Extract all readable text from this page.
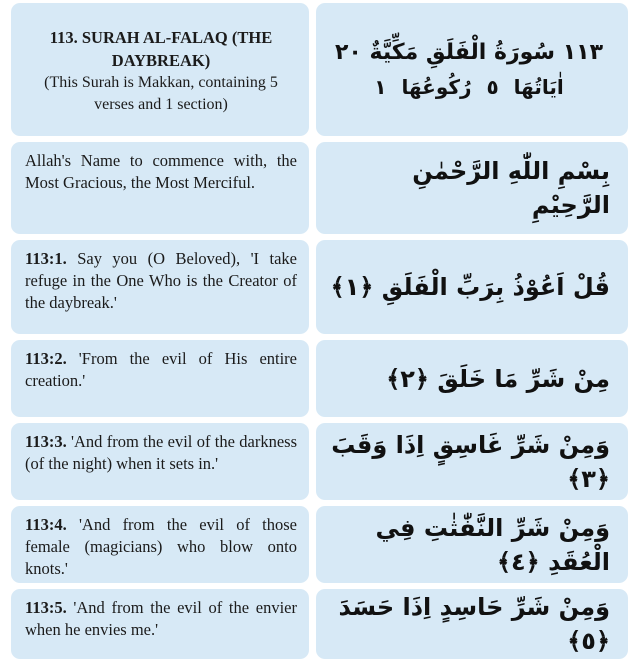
113. SURAH AL-FALAQ (THE DAYBREAK)
(This Surah is Makkan, containing 5 verses and 1 section)
١١٣ سُورَةُ الْفَلَقِ مَكِّيَّةٌ ٢٠
اٰيَاتُهَا ٥ رُكُوعُهَا ١
Allah's Name to commence with, the Most Gracious, the Most Merciful.	بِسْمِ اللّٰهِ الرَّحْمٰنِ الرَّحِيْمِ
113:1. Say you (O Beloved), 'I take refuge in the One Who is the Creator of the daybreak.'
قُلْ اَعُوْذُ بِرَبِّ الْفَلَقِ ﴿١﴾
113:2. 'From the evil of His entire creation.'	مِنْ شَرِّ مَا خَلَقَ ﴿٢﴾
113:3. 'And from the evil of the darkness (of the night) when it sets in.'
وَمِنْ شَرِّ غَاسِقٍ اِذَا وَقَبَ ﴿٣﴾
113:4. 'And from the evil of those female (magicians) who blow onto knots.'
وَمِنْ شَرِّ النَّفّٰثٰتِ فِي الْعُقَدِ ﴿٤﴾
113:5. 'And from the evil of the envier when he envies me.'
وَمِنْ شَرِّ حَاسِدٍ اِذَا حَسَدَ ﴿٥﴾
